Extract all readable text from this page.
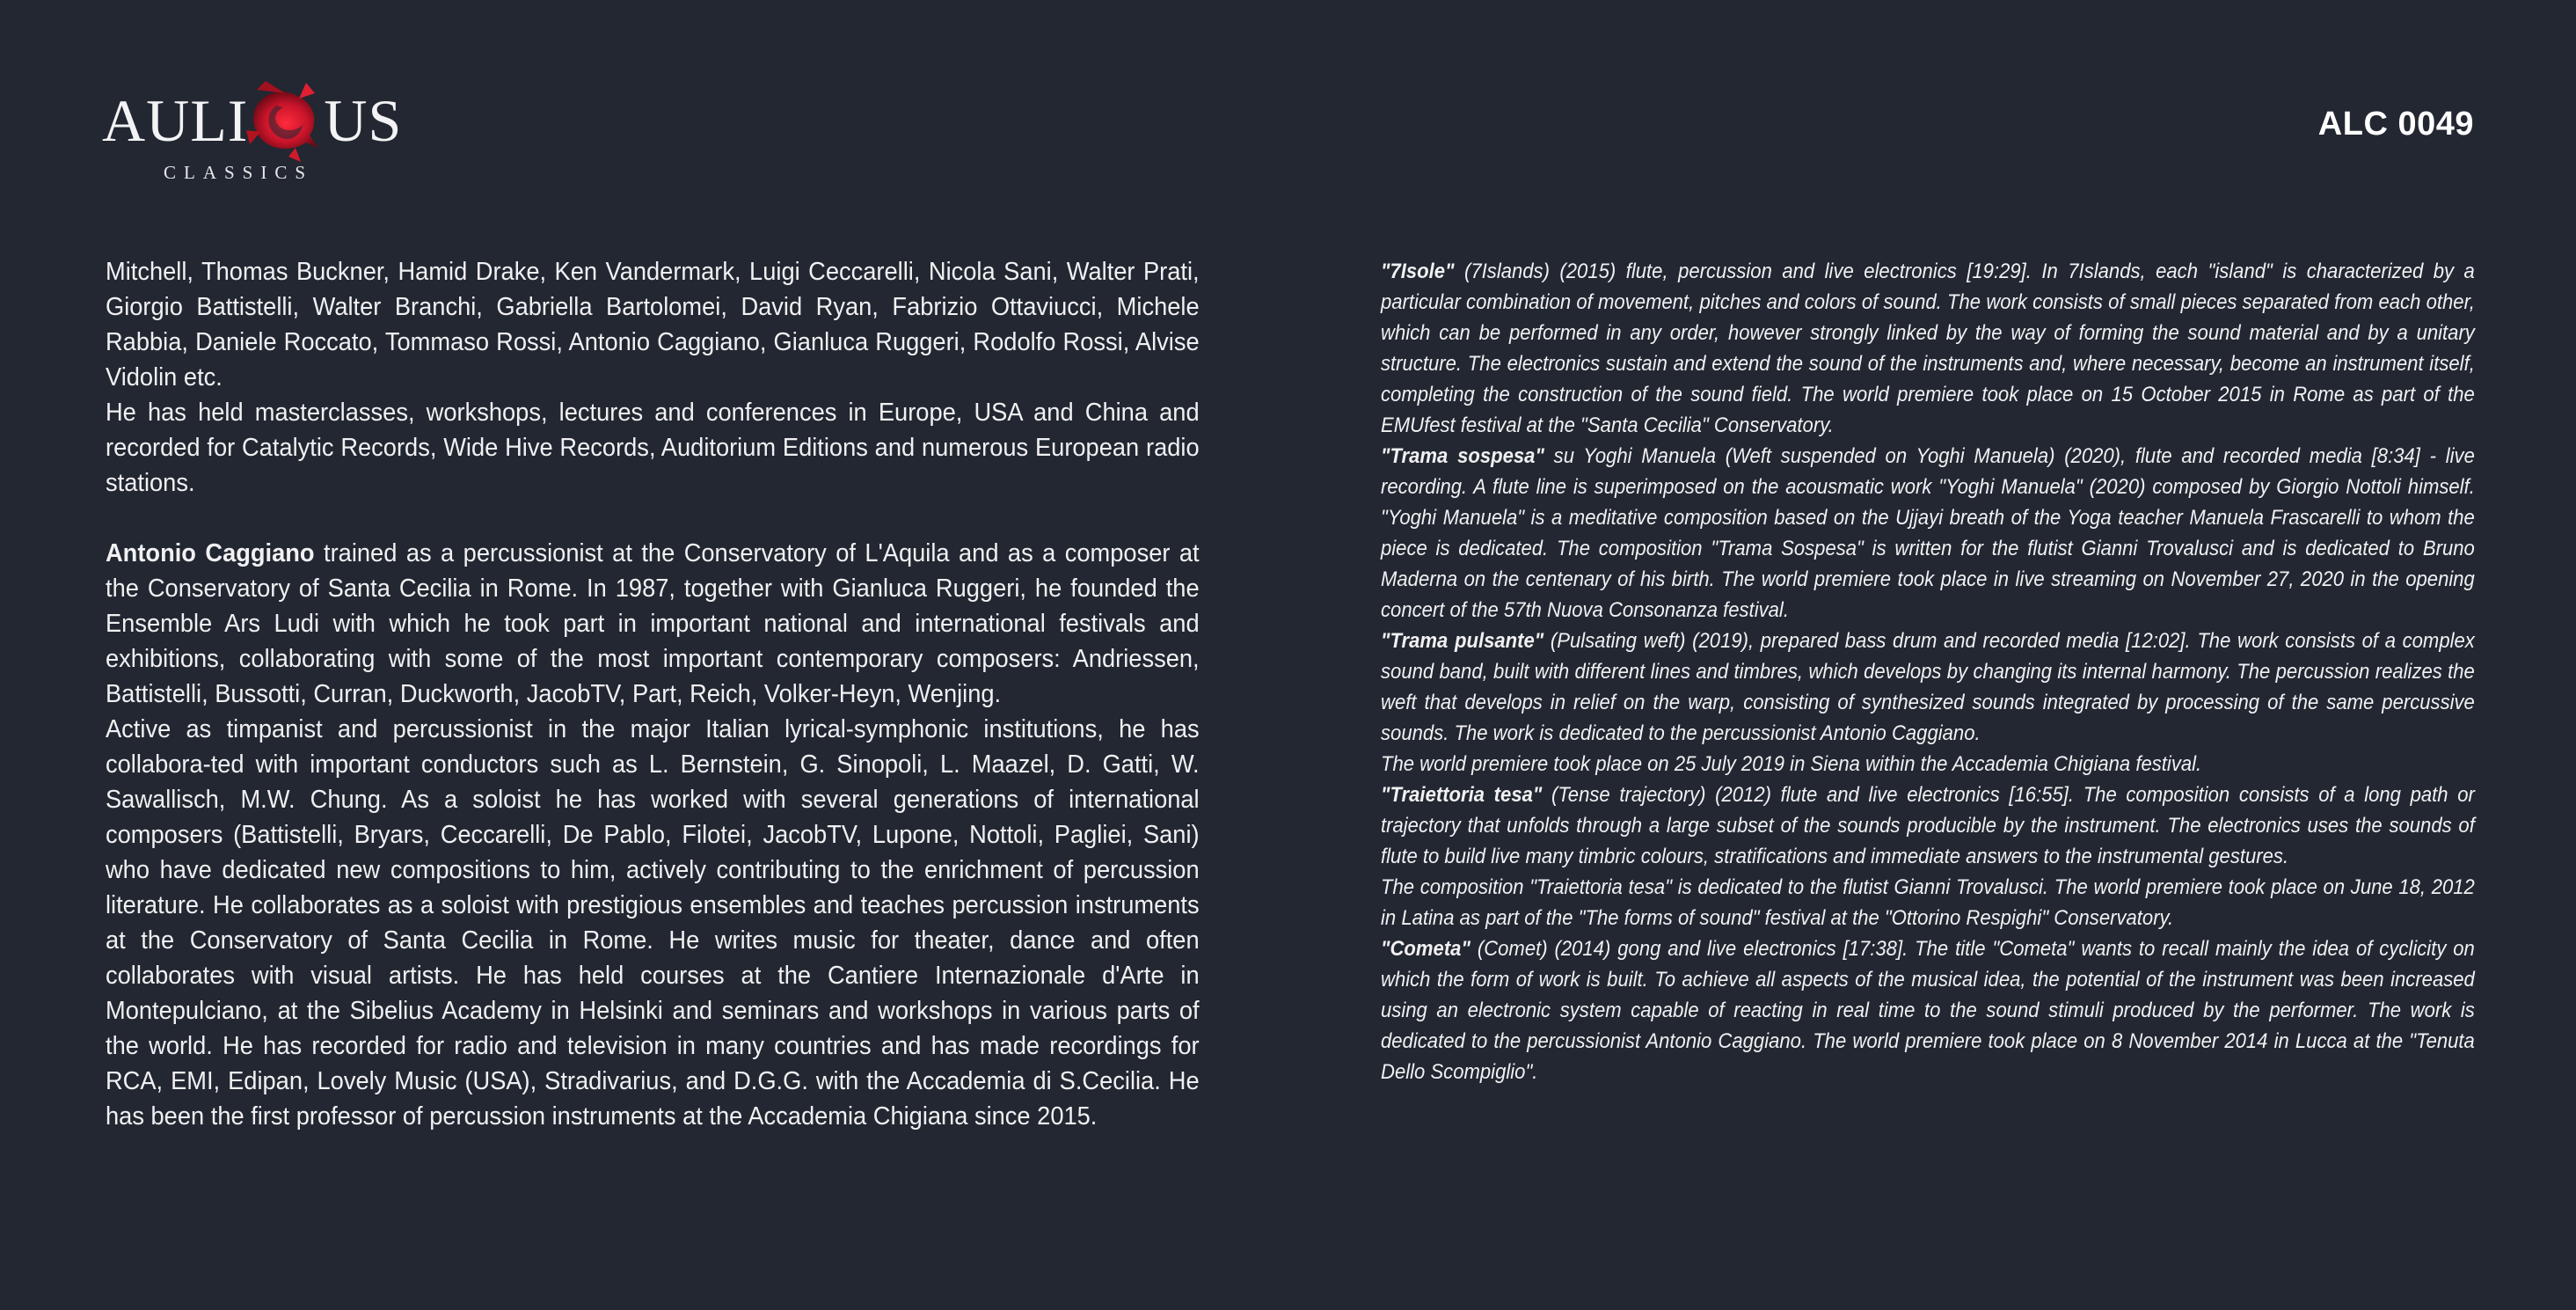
AULI US
CLASSICS
ALC 0049

Mitchell, Thomas Buckner, Hamid Drake, Ken Vandermark, Luigi Ceccarelli, Nicola Sani, Walter Prati, Giorgio Battistelli, Walter Branchi, Gabriella Bartolomei, David Ryan, Fabrizio Ottaviucci, Michele Rabbia, Daniele Roccato, Tommaso Rossi, Antonio Caggiano, Gianluca Ruggeri, Rodolfo Rossi, Alvise Vidolin etc.

He has held masterclasses, workshops, lectures and conferences in Europe, USA and China and recorded for Catalytic Records, Wide Hive Records, Auditorium Editions and numerous European radio stations.

Antonio Caggiano trained as a percussionist at the Conservatory of L'Aquila and as a composer at the Conservatory of Santa Cecilia in Rome. In 1987, together with Gianluca Ruggeri, he founded the Ensemble Ars Ludi with which he took part in important national and international festivals and exhibitions, collaborating with some of the most important contemporary composers: Andriessen, Battistelli, Bussotti, Curran, Duckworth, JacobTV, Part, Reich, Volker-Heyn, Wenjing.

Active as timpanist and percussionist in the major Italian lyrical-symphonic institutions, he has collabora-ted with important conductors such as L. Bernstein, G. Sinopoli, L. Maazel, D. Gatti, W. Sawallisch, M.W. Chung. As a soloist he has worked with several generations of international composers (Battistelli, Bryars, Ceccarelli, De Pablo, Filotei, JacobTV, Lupone, Nottoli, Pagliei, Sani) who have dedicated new compositions to him, actively contributing to the enrichment of percussion literature. He collaborates as a soloist with prestigious ensembles and teaches percussion instruments at the Conservatory of Santa Cecilia in Rome. He writes music for theater, dance and often collaborates with visual artists. He has held courses at the Cantiere Internazionale d'Arte in Montepulciano, at the Sibelius Academy in Helsinki and seminars and workshops in various parts of the world. He has recorded for radio and television in many countries and has made recordings for RCA, EMI, Edipan, Lovely Music (USA), Stradivarius, and D.G.G. with the Accademia di S.Cecilia. He has been the first professor of percussion instruments at the Accademia Chigiana since 2015.

"7Isole" (7Islands) (2015) flute, percussion and live electronics [19:29]. In 7Islands, each "island" is characterized by a particular combination of movement, pitches and colors of sound. The work consists of small pieces separated from each other, which can be performed in any order, however strongly linked by the way of forming the sound material and by a unitary structure. The electronics sustain and extend the sound of the instruments and, where necessary, become an instrument itself, completing the construction of the sound field. The world premiere took place on 15 October 2015 in Rome as part of the EMUfest festival at the "Santa Cecilia" Conservatory.

"Trama sospesa" su Yoghi Manuela (Weft suspended on Yoghi Manuela) (2020), flute and recorded media [8:34] - live recording. A flute line is superimposed on the acousmatic work "Yoghi Manuela" (2020) composed by Giorgio Nottoli himself. "Yoghi Manuela" is a meditative composition based on the Ujjayi breath of the Yoga teacher Manuela Frascarelli to whom the piece is dedicated. The composition "Trama Sospesa" is written for the flutist Gianni Trovalusci and is dedicated to Bruno Maderna on the centenary of his birth. The world premiere took place in live streaming on November 27, 2020 in the opening concert of the 57th Nuova Consonanza festival.

"Trama pulsante" (Pulsating weft) (2019), prepared bass drum and recorded media [12:02]. The work consists of a complex sound band, built with different lines and timbres, which develops by changing its internal harmony. The percussion realizes the weft that develops in relief on the warp, consisting of synthesized sounds integrated by processing of the same percussive sounds. The work is dedicated to the percussionist Antonio Caggiano.

The world premiere took place on 25 July 2019 in Siena within the Accademia Chigiana festival.

"Traiettoria tesa" (Tense trajectory) (2012) flute and live electronics [16:55]. The composition consists of a long path or trajectory that unfolds through a large subset of the sounds producible by the instrument. The electronics uses the sounds of flute to build live many timbric colours, stratifications and immediate answers to the instrumental gestures.

The composition "Traiettoria tesa" is dedicated to the flutist Gianni Trovalusci. The world premiere took place on June 18, 2012 in Latina as part of the "The forms of sound" festival at the "Ottorino Respighi" Conservatory.

"Cometa" (Comet) (2014) gong and live electronics [17:38]. The title "Cometa" wants to recall mainly the idea of cyclicity on which the form of work is built. To achieve all aspects of the musical idea, the potential of the instrument was been increased using an electronic system capable of reacting in real time to the sound stimuli produced by the performer. The work is dedicated to the percussionist Antonio Caggiano. The world premiere took place on 8 November 2014 in Lucca at the "Tenuta Dello Scompiglio".
